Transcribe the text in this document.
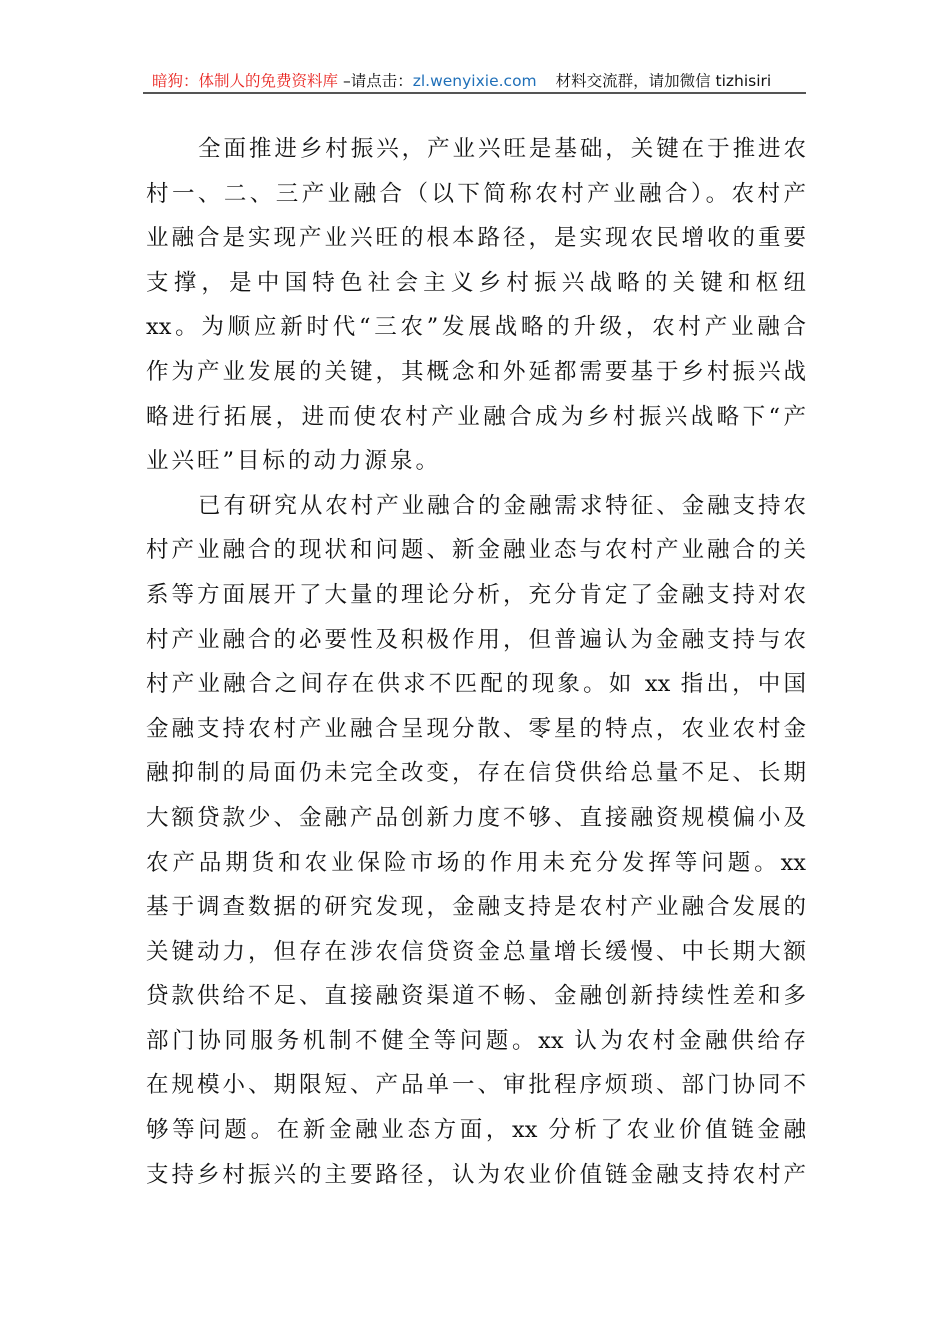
暗狗：体制人的免费资料库 –请点击：zl.wenyixie.com 材料交流群，请加微信 tizhisiri
全面推进乡村振兴，产业兴旺是基础，关键在于推进农
村一、二、三产业融合（以下简称农村产业融合）。农村产
业融合是实现产业兴旺的根本路径，是实现农民增收的重要
支撑，是中国特色社会主义乡村振兴战略的关键和枢纽
xx。为顺应新时代“三农”发展战略的升级，农村产业融合
作为产业发展的关键，其概念和外延都需要基于乡村振兴战
略进行拓展，进而使农村产业融合成为乡村振兴战略下“产
业兴旺”目标的动力源泉。
已有研究从农村产业融合的金融需求特征、金融支持农
村产业融合的现状和问题、新金融业态与农村产业融合的关
系等方面展开了大量的理论分析，充分肯定了金融支持对农
村产业融合的必要性及积极作用，但普遍认为金融支持与农
村产业融合之间存在供求不匹配的现象。如 xx 指出，中国
金融支持农村产业融合呈现分散、零星的特点，农业农村金
融抑制的局面仍未完全改变，存在信贷供给总量不足、长期
大额贷款少、金融产品创新力度不够、直接融资规模偏小及
农产品期货和农业保险市场的作用未充分发挥等问题。xx
基于调查数据的研究发现，金融支持是农村产业融合发展的
关键动力，但存在涉农信贷资金总量增长缓慢、中长期大额
贷款供给不足、直接融资渠道不畅、金融创新持续性差和多
部门协同服务机制不健全等问题。xx 认为农村金融供给存
在规模小、期限短、产品单一、审批程序烦琐、部门协同不
够等问题。在新金融业态方面，xx 分析了农业价值链金融
支持乡村振兴的主要路径，认为农业价值链金融支持农村产
